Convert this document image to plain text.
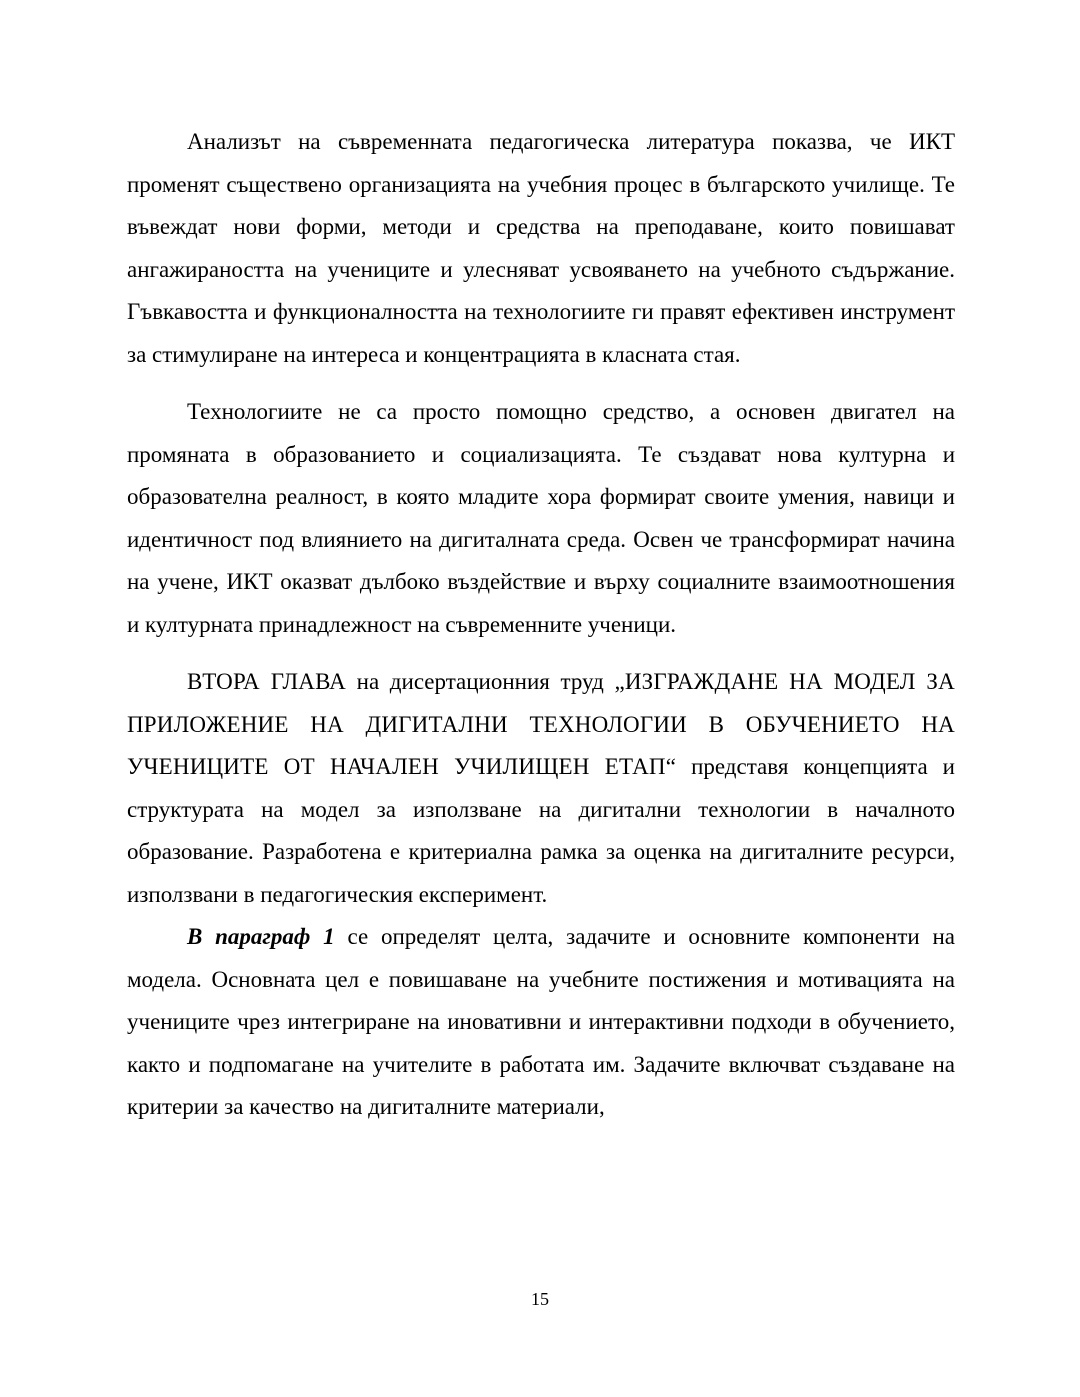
Анализът на съвременната педагогическа литература показва, че ИКТ променят съществено организацията на учебния процес в българското училище. Те въвеждат нови форми, методи и средства на преподаване, които повишават ангажираността на учениците и улесняват усвояването на учебното съдържание. Гъвкавостта и функционалността на технологиите ги правят ефективен инструмент за стимулиране на интереса и концентрацията в класната стая.

Технологиите не са просто помощно средство, а основен двигател на промяната в образованието и социализацията. Те създават нова културна и образователна реалност, в която младите хора формират своите умения, навици и идентичност под влиянието на дигиталната среда. Освен че трансформират начина на учене, ИКТ оказват дълбоко въздействие и върху социалните взаимоотношения и културната принадлежност на съвременните ученици.

ВТОРА ГЛАВА на дисертационния труд „ИЗГРАЖДАНЕ НА МОДЕЛ ЗА ПРИЛОЖЕНИЕ НА ДИГИТАЛНИ ТЕХНОЛОГИИ В ОБУЧЕНИЕТО НА УЧЕНИЦИТЕ ОТ НАЧАЛЕН УЧИЛИЩЕН ЕТАП“ представя концепцията и структурата на модел за използване на дигитални технологии в началното образование. Разработена е критериална рамка за оценка на дигиталните ресурси, използвани в педагогическия експеримент.

В параграф 1 се определят целта, задачите и основните компоненти на модела. Основната цел е повишаване на учебните постижения и мотивацията на учениците чрез интегриране на иновативни и интерактивни подходи в обучението, както и подпомагане на учителите в работата им. Задачите включват създаване на критерии за качество на дигиталните материали,

15
